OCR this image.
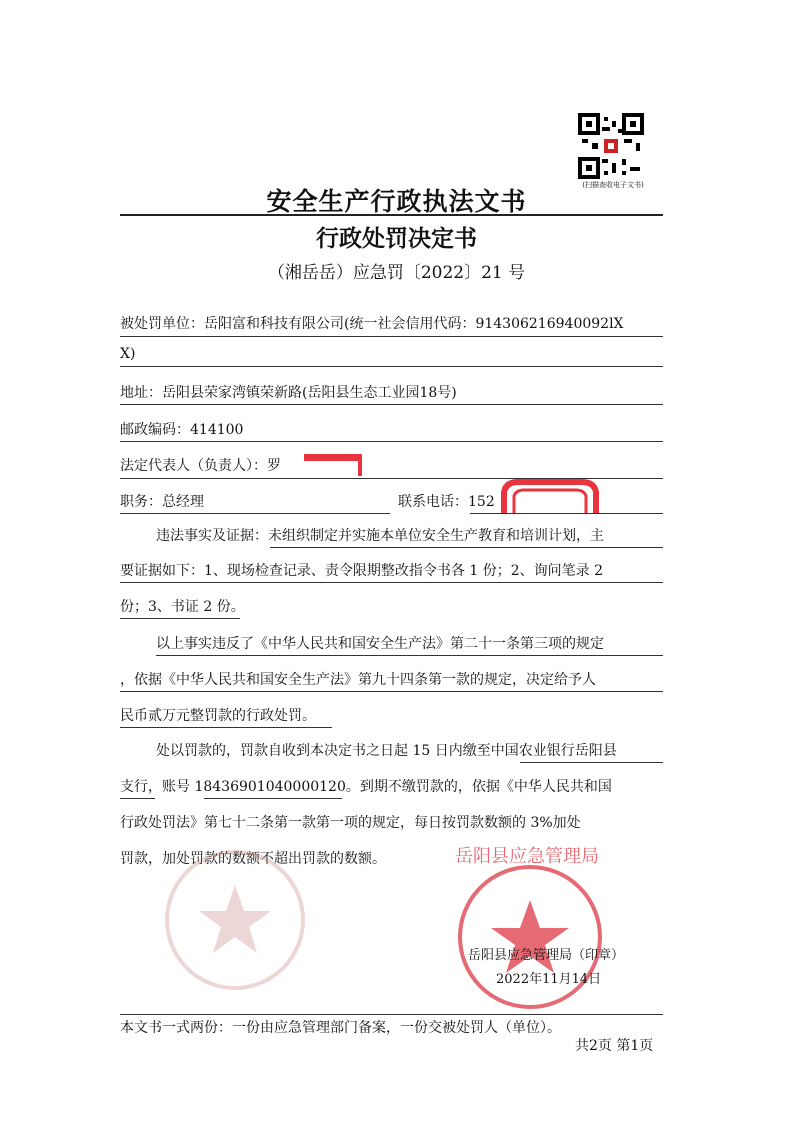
(扫描查收电子文书)
安全生产行政执法文书
行政处罚决定书
（湘岳岳）应急罚〔2022〕21 号
被处罚单位：岳阳富和科技有限公司(统一社会信用代码：914306216940092lX
X)
地址：岳阳县荣家湾镇荣新路(岳阳县生态工业园18号)
邮政编码：414100
法定代表人（负责人）：罗
职务：总经理	联系电话：152
违法事实及证据：未组织制定并实施本单位安全生产教育和培训计划，主
要证据如下：1、现场检查记录、责令限期整改指令书各 1 份；2、询问笔录 2
份；3、书证 2 份。
以上事实违反了《中华人民共和国安全生产法》第二十一条第三项的规定
，依据《中华人民共和国安全生产法》第九十四条第一款的规定，决定给予人
民币贰万元整罚款的行政处罚。
处以罚款的，罚款自收到本决定书之日起 15 日内缴至中国农业银行岳阳县
支行，账号 18436901040000120。到期不缴罚款的，依据《中华人民共和国
行政处罚法》第七十二条第一款第一项的规定，每日按罚款数额的 3%加处
罚款，加处罚款的数额不超出罚款的数额。	岳阳县应急管理局
岳阳县应急管理局（印章）
2022年11月14日
本文书一式两份：一份由应急管理部门备案，一份交被处罚人（单位）。
共2页 第1页
